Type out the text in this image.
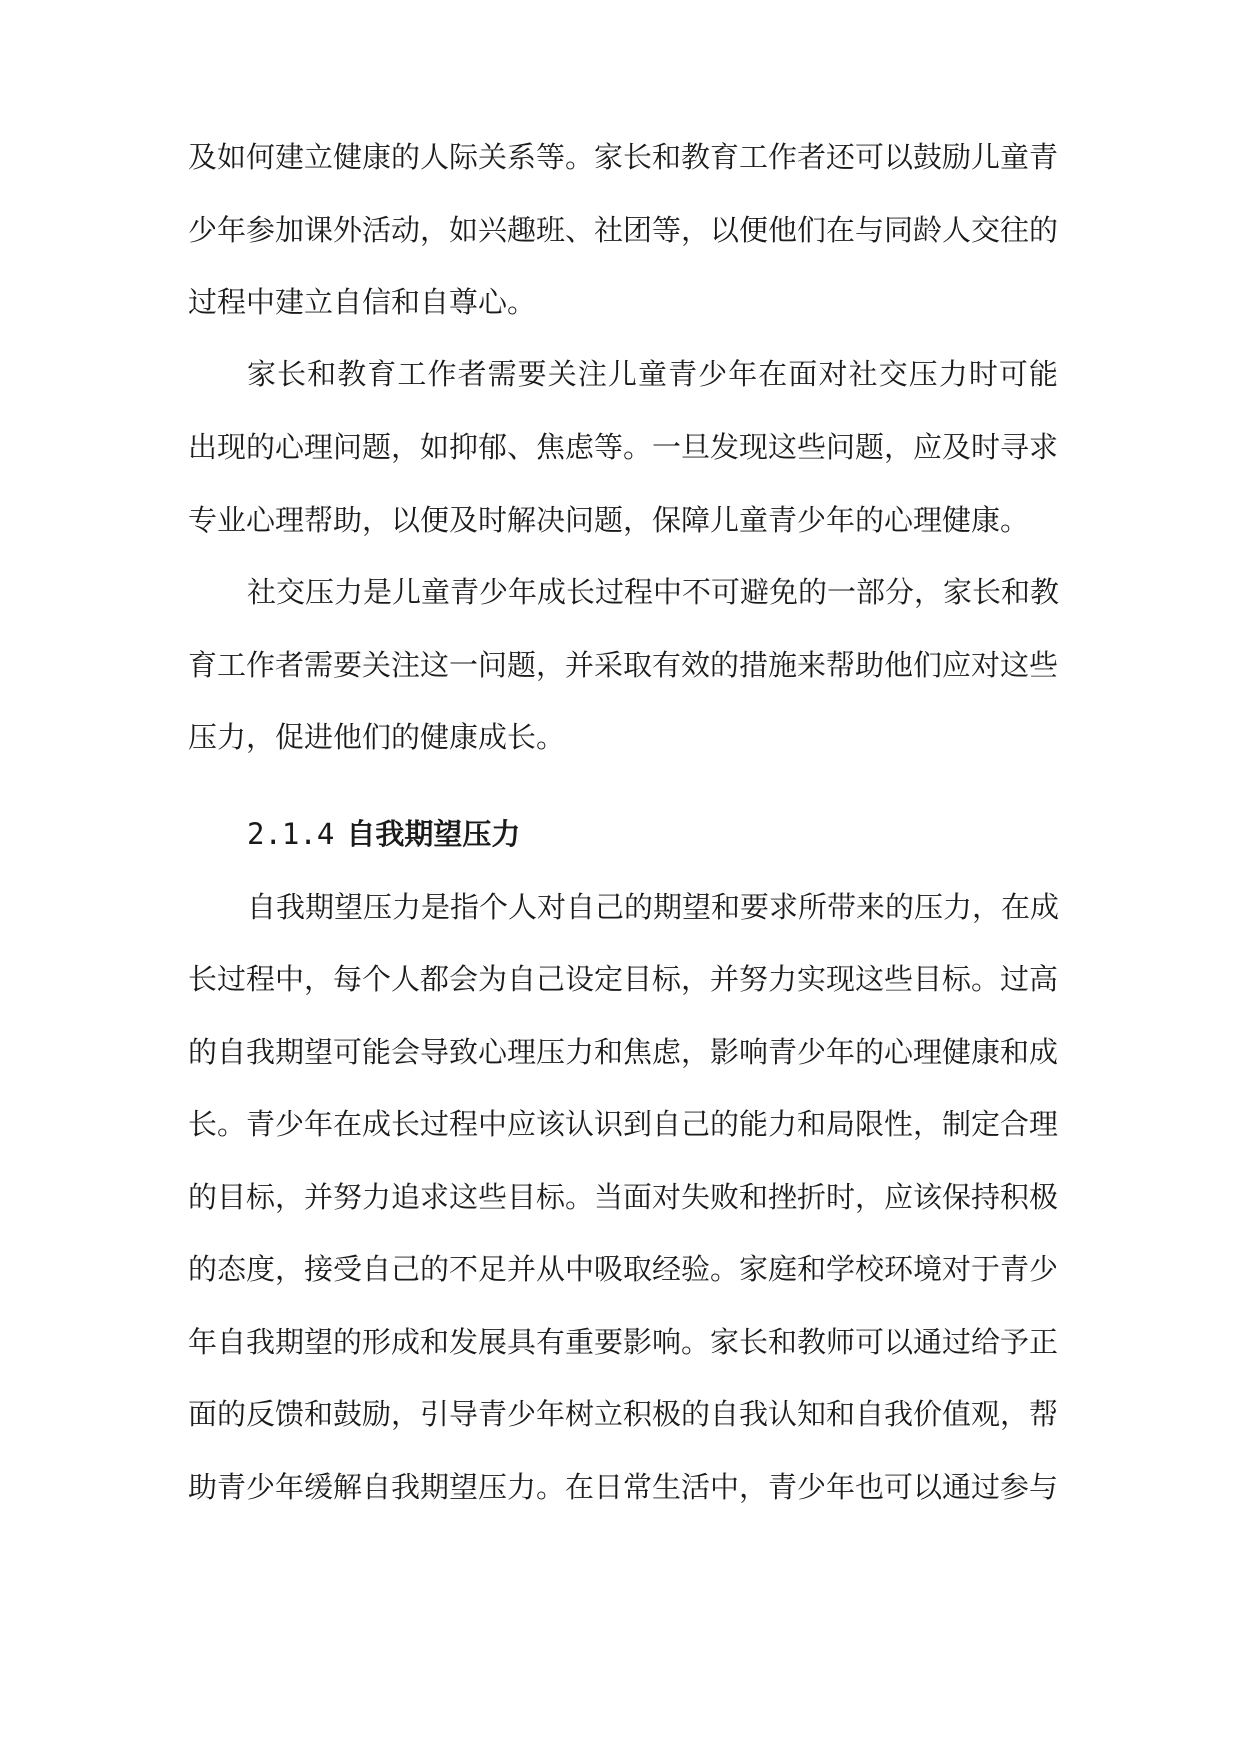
及如何建立健康的人际关系等。家长和教育工作者还可以鼓励儿童青
少年参加课外活动，如兴趣班、社团等，以便他们在与同龄人交往的
过程中建立自信和自尊心。
家长和教育工作者需要关注儿童青少年在面对社交压力时可能
出现的心理问题，如抑郁、焦虑等。一旦发现这些问题，应及时寻求
专业心理帮助，以便及时解决问题，保障儿童青少年的心理健康。
社交压力是儿童青少年成长过程中不可避免的一部分，家长和教
育工作者需要关注这一问题，并采取有效的措施来帮助他们应对这些
压力，促进他们的健康成长。
2.1.4 自我期望压力
自我期望压力是指个人对自己的期望和要求所带来的压力，在成
长过程中，每个人都会为自己设定目标，并努力实现这些目标。过高
的自我期望可能会导致心理压力和焦虑，影响青少年的心理健康和成
长。青少年在成长过程中应该认识到自己的能力和局限性，制定合理
的目标，并努力追求这些目标。当面对失败和挫折时，应该保持积极
的态度，接受自己的不足并从中吸取经验。家庭和学校环境对于青少
年自我期望的形成和发展具有重要影响。家长和教师可以通过给予正
面的反馈和鼓励，引导青少年树立积极的自我认知和自我价值观，帮
助青少年缓解自我期望压力。在日常生活中，青少年也可以通过参与
